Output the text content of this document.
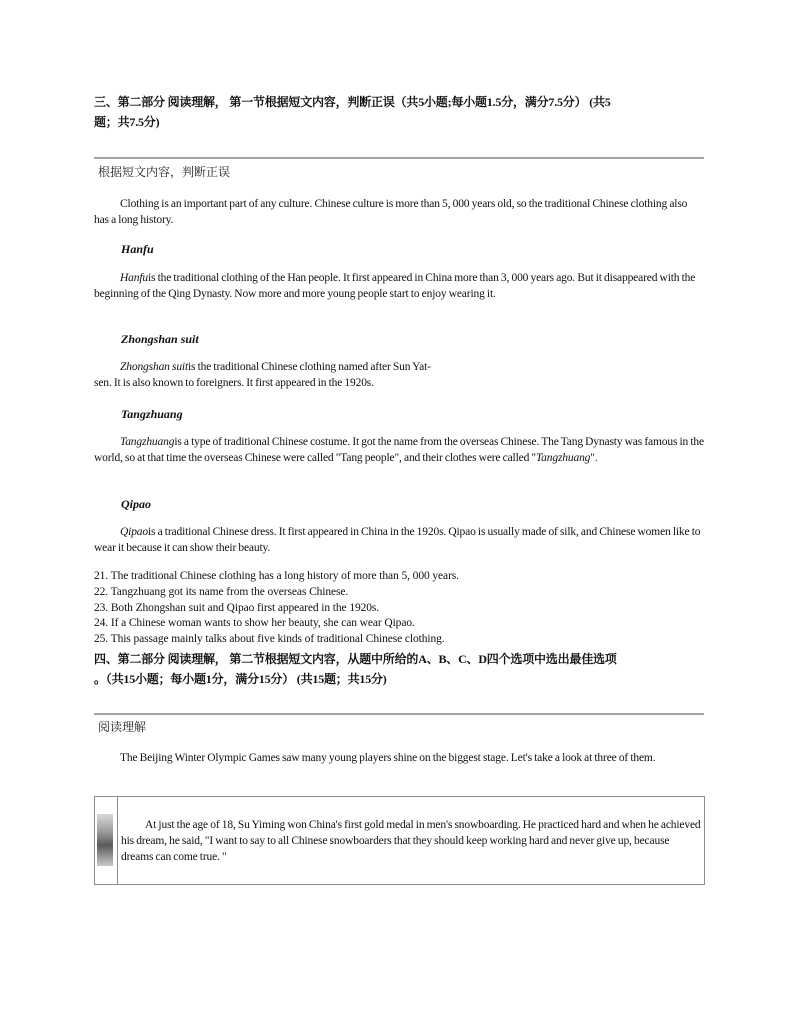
三、第二部分 阅读理解， 第一节根据短文内容，判断正误（共5小题;每小题1.5分，满分7.5分） (共5
题；共7.5分)
根据短文内容，判断正误
Clothing is an important part of any culture. Chinese culture is more than 5, 000 years old, so the traditional Chinese clothing also has a long history.
Hanfu
Hanfuis the traditional clothing of the Han people. It first appeared in China more than 3, 000 years ago. But it disappeared with the beginning of the Qing Dynasty. Now more and more young people start to enjoy wearing it.
Zhongshan suit
Zhongshan suitis the traditional Chinese clothing named after Sun Yat-
sen. It is also known to foreigners. It first appeared in the 1920s.
Tangzhuang
Tangzhuangis a type of traditional Chinese costume. It got the name from the overseas Chinese. The Tang Dynasty was famous in the world, so at that time the overseas Chinese were called "Tang people", and their clothes were called "Tangzhuang".
Qipao
Qipaois a traditional Chinese dress. It first appeared in China in the 1920s. Qipao is usually made of silk, and Chinese women like to wear it because it can show their beauty.
21. The traditional Chinese clothing has a long history of more than 5, 000 years.
22. Tangzhuang got its name from the overseas Chinese.
23. Both Zhongshan suit and Qipao first appeared in the 1920s.
24. If a Chinese woman wants to show her beauty, she can wear Qipao.
25. This passage mainly talks about five kinds of traditional Chinese clothing.
四、第二部分 阅读理解， 第二节根据短文内容，从题中所给的A、B、C、D四个选项中选出最佳选项
。（共15小题；每小题1分，满分15分） (共15题；共15分)
阅读理解
The Beijing Winter Olympic Games saw many young players shine on the biggest stage. Let's take a look at three of them.
At just the age of 18, Su Yiming won China's first gold medal in men's snowboarding. He practiced hard and when he achieved his dream, he said, "I want to say to all Chinese snowboarders that they should keep working hard and never give up, because dreams can come true. "
